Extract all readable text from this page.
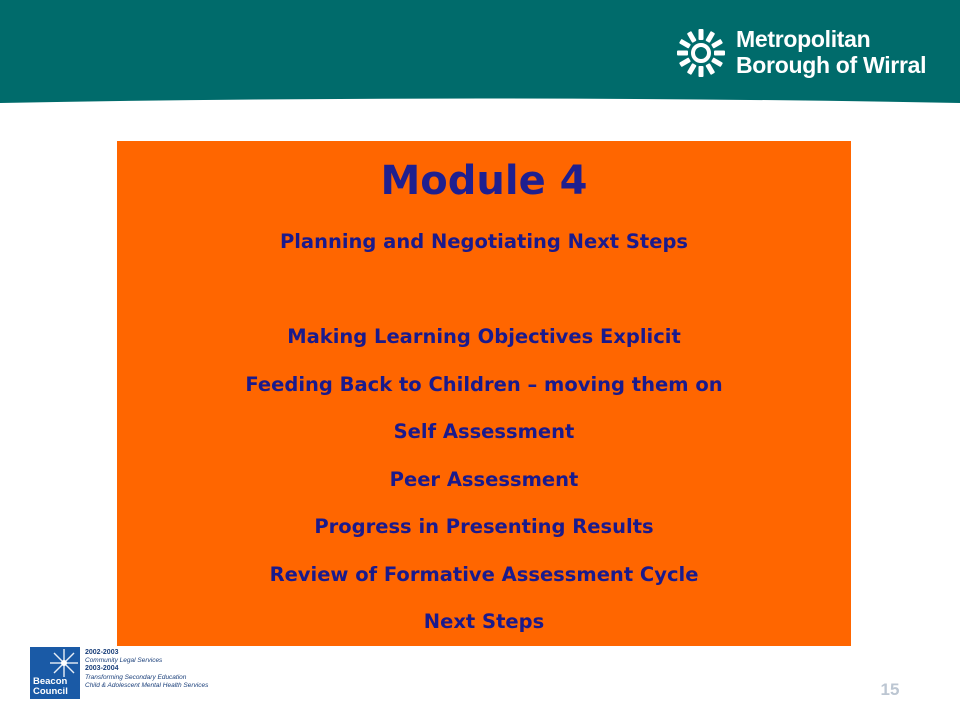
Metropolitan
Borough of Wirral
Module 4
Planning and Negotiating Next Steps
Making Learning Objectives Explicit
Feeding Back to Children – moving them on
Self Assessment
Peer Assessment
Progress in Presenting Results
Review of Formative Assessment Cycle
Next Steps
Beacon
Council
2002-2003
Community Legal Services
2003-2004
Transforming Secondary Education
Child & Adolescent Mental Health Services	15
